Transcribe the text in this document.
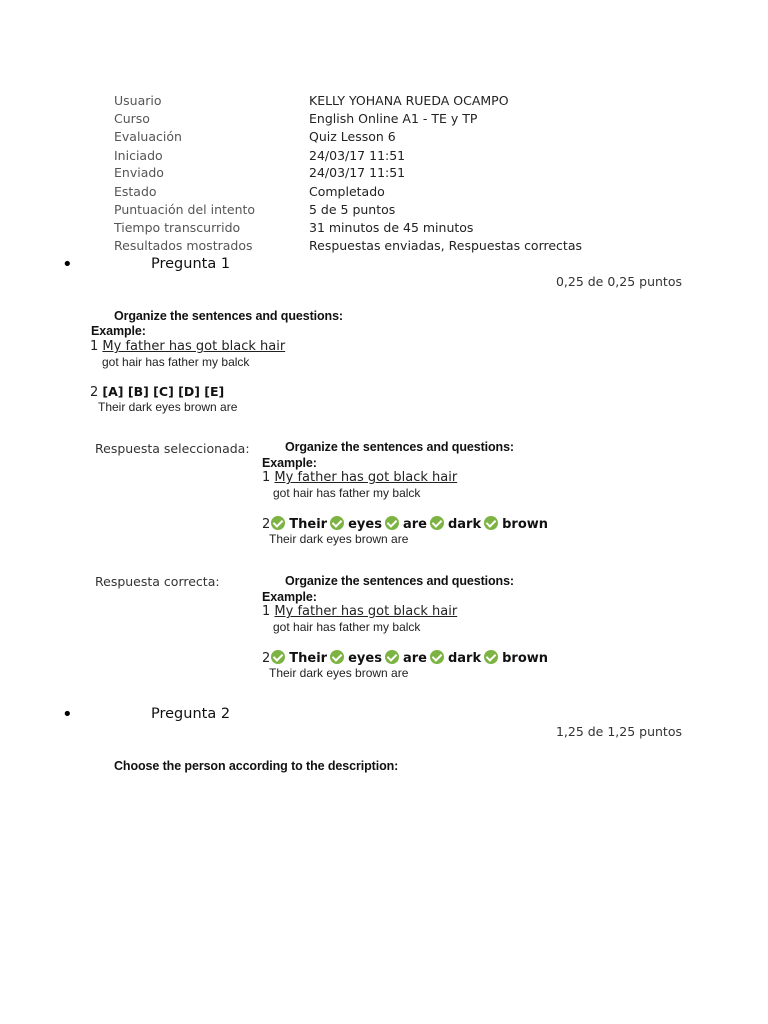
Usuario	KELLY YOHANA RUEDA OCAMPO
Curso	English Online A1 - TE y TP
Evaluación	Quiz Lesson 6
Iniciado	24/03/17 11:51
Enviado	24/03/17 11:51
Estado	Completado
Puntuación del intento	5 de 5 puntos
Tiempo transcurrido	31 minutos de 45 minutos
Resultados mostrados	Respuestas enviadas, Respuestas correctas
•	Pregunta 1
0,25 de 0,25 puntos
Organize the sentences and questions:
Example:
1 My father has got black hair
got hair has father my balck
2 [A] [B] [C] [D] [E]
Their dark eyes brown are
Respuesta seleccionada:	Organize the sentences and questions:
Example:
1 My father has got black hair
got hair has father my balck
2 Their eyes are dark brown
Their dark eyes brown are
Respuesta correcta:	Organize the sentences and questions:
Example:
1 My father has got black hair
got hair has father my balck
2 Their eyes are dark brown
Their dark eyes brown are
•	Pregunta 2
1,25 de 1,25 puntos
Choose the person according to the description:
